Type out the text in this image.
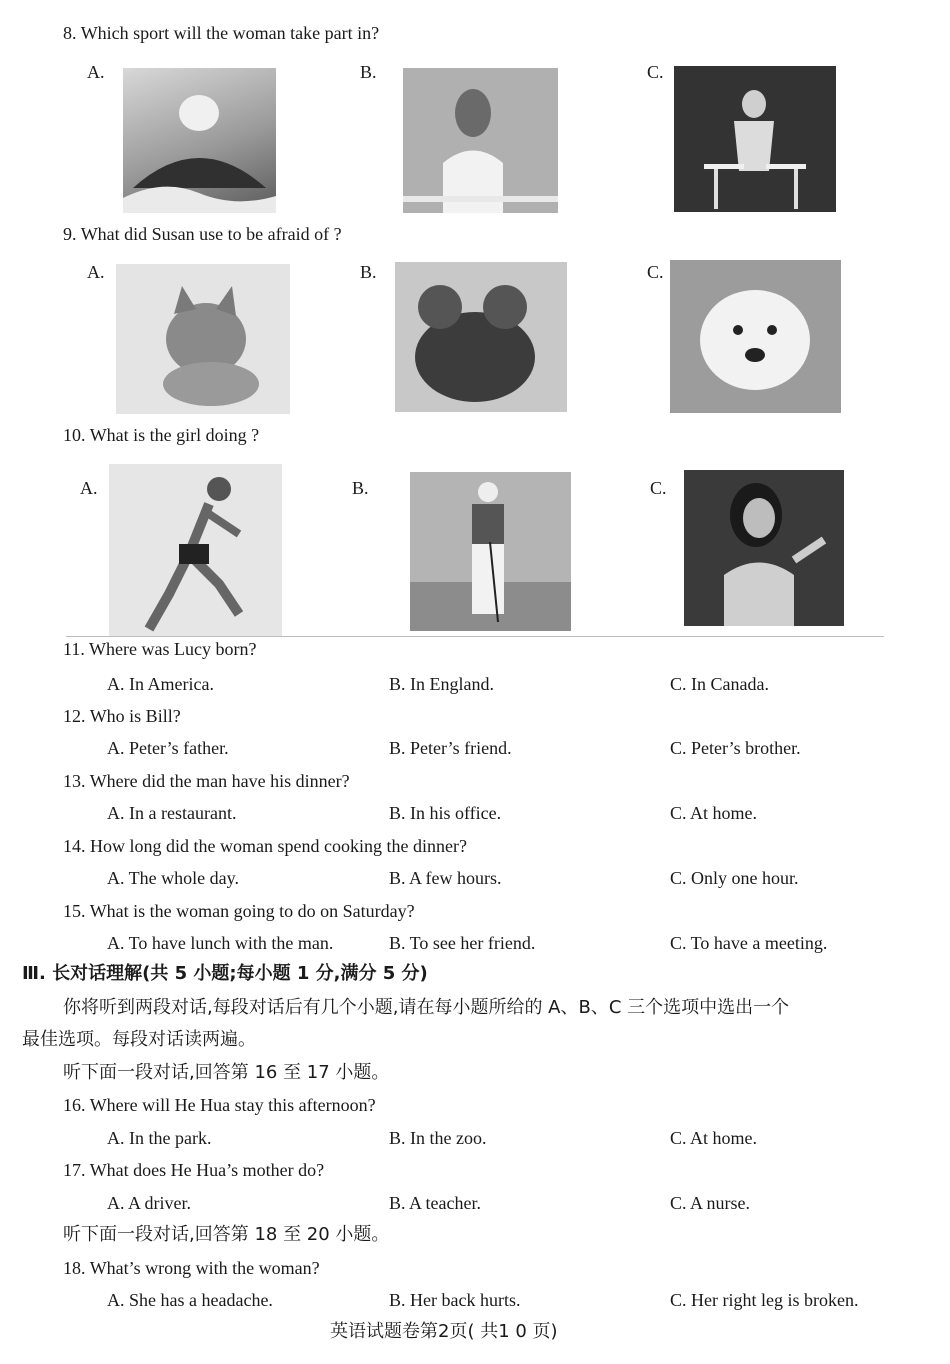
8. Which sport will the woman take part in?
A.	B.	C.
9. What did Susan use to be afraid of ?
A.	B.	C.
10. What is the girl doing ?
A.	B.	C.
11. Where was Lucy born?
A. In America.	B. In England.	C. In Canada.
12. Who is Bill?
A. Peter’s father.	B. Peter’s friend.	C. Peter’s brother.
13. Where did the man have his dinner?
A. In a restaurant.	B. In his office.	C. At home.
14. How long did the woman spend cooking the dinner?
A. The whole day.	B. A few hours.	C. Only one hour.
15. What is the woman going to do on Saturday?
A. To have lunch with the man.	B. To see her friend.	C. To have a meeting.
Ⅲ. 长对话理解(共 5 小题;每小题 1 分,满分 5 分)
你将听到两段对话,每段对话后有几个小题,请在每小题所给的 A、B、C 三个选项中选出一个
最佳选项。每段对话读两遍。
听下面一段对话,回答第 16 至 17 小题。
16. Where will He Hua stay this afternoon?
A. In the park.	B. In the zoo.	C. At home.
17. What does He Hua’s mother do?
A. A driver.	B. A teacher.	C. A nurse.
听下面一段对话,回答第 18 至 20 小题。
18. What’s wrong with the woman?
A. She has a headache.	B. Her back hurts.	C. Her right leg is broken.
英语试题卷第2页( 共1 0 页)
